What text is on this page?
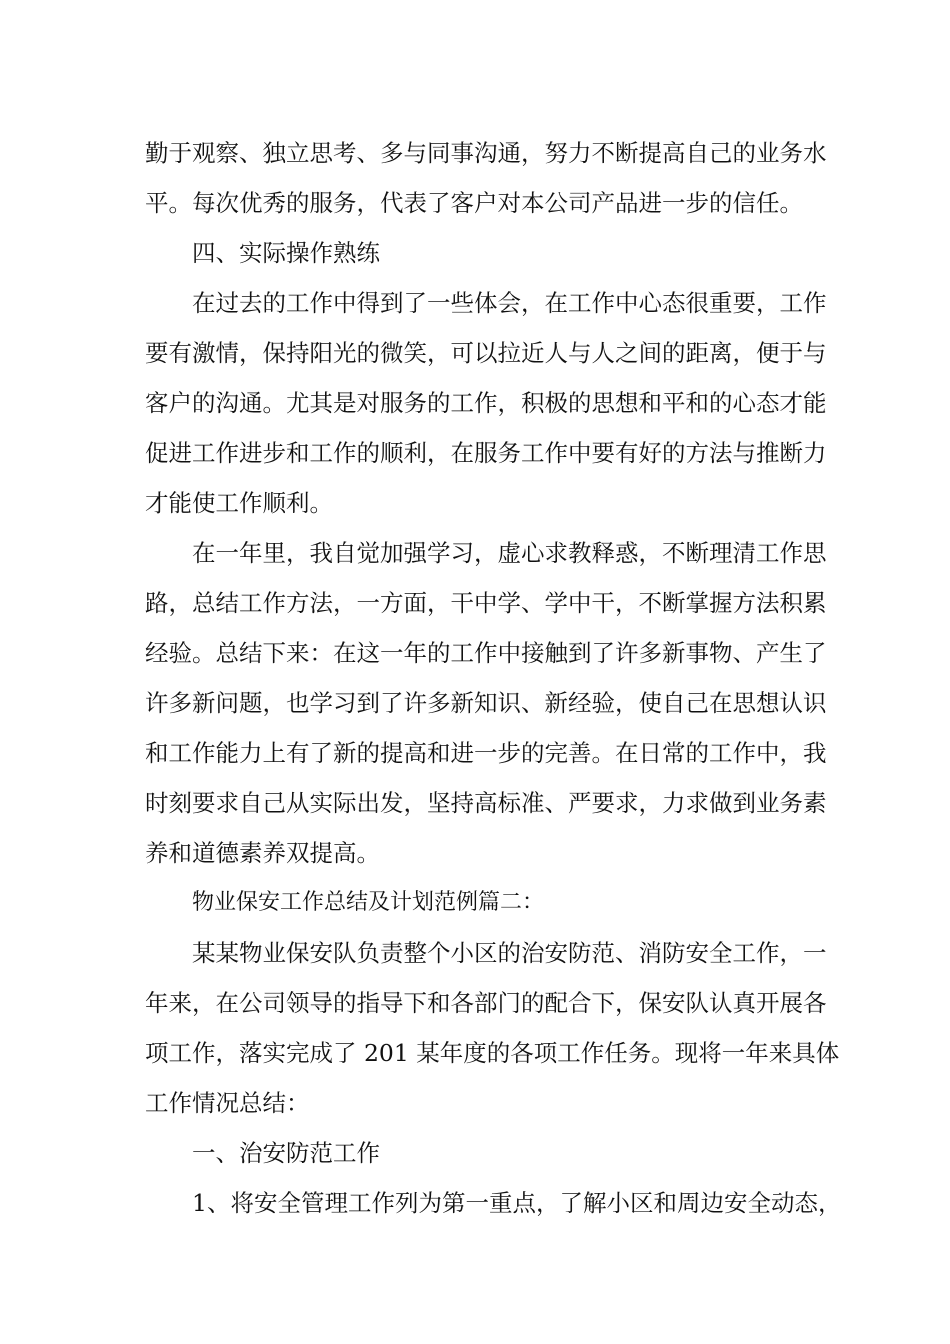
勤于观察、独立思考、多与同事沟通，努力不断提高自己的业务水
平。每次优秀的服务，代表了客户对本公司产品进一步的信任。
四、实际操作熟练
在过去的工作中得到了一些体会，在工作中心态很重要，工作
要有激情，保持阳光的微笑，可以拉近人与人之间的距离，便于与
客户的沟通。尤其是对服务的工作，积极的思想和平和的心态才能
促进工作进步和工作的顺利，在服务工作中要有好的方法与推断力
才能使工作顺利。
在一年里，我自觉加强学习，虚心求教释惑，不断理清工作思
路，总结工作方法，一方面，干中学、学中干，不断掌握方法积累
经验。总结下来：在这一年的工作中接触到了许多新事物、产生了
许多新问题，也学习到了许多新知识、新经验，使自己在思想认识
和工作能力上有了新的提高和进一步的完善。在日常的工作中，我
时刻要求自己从实际出发，坚持高标准、严要求，力求做到业务素
养和道德素养双提高。
物业保安工作总结及计划范例篇二：
某某物业保安队负责整个小区的治安防范、消防安全工作，一
年来，在公司领导的指导下和各部门的配合下，保安队认真开展各
项工作，落实完成了 201 某年度的各项工作任务。现将一年来具体
工作情况总结：
一、治安防范工作
1、将安全管理工作列为第一重点，了解小区和周边安全动态，
